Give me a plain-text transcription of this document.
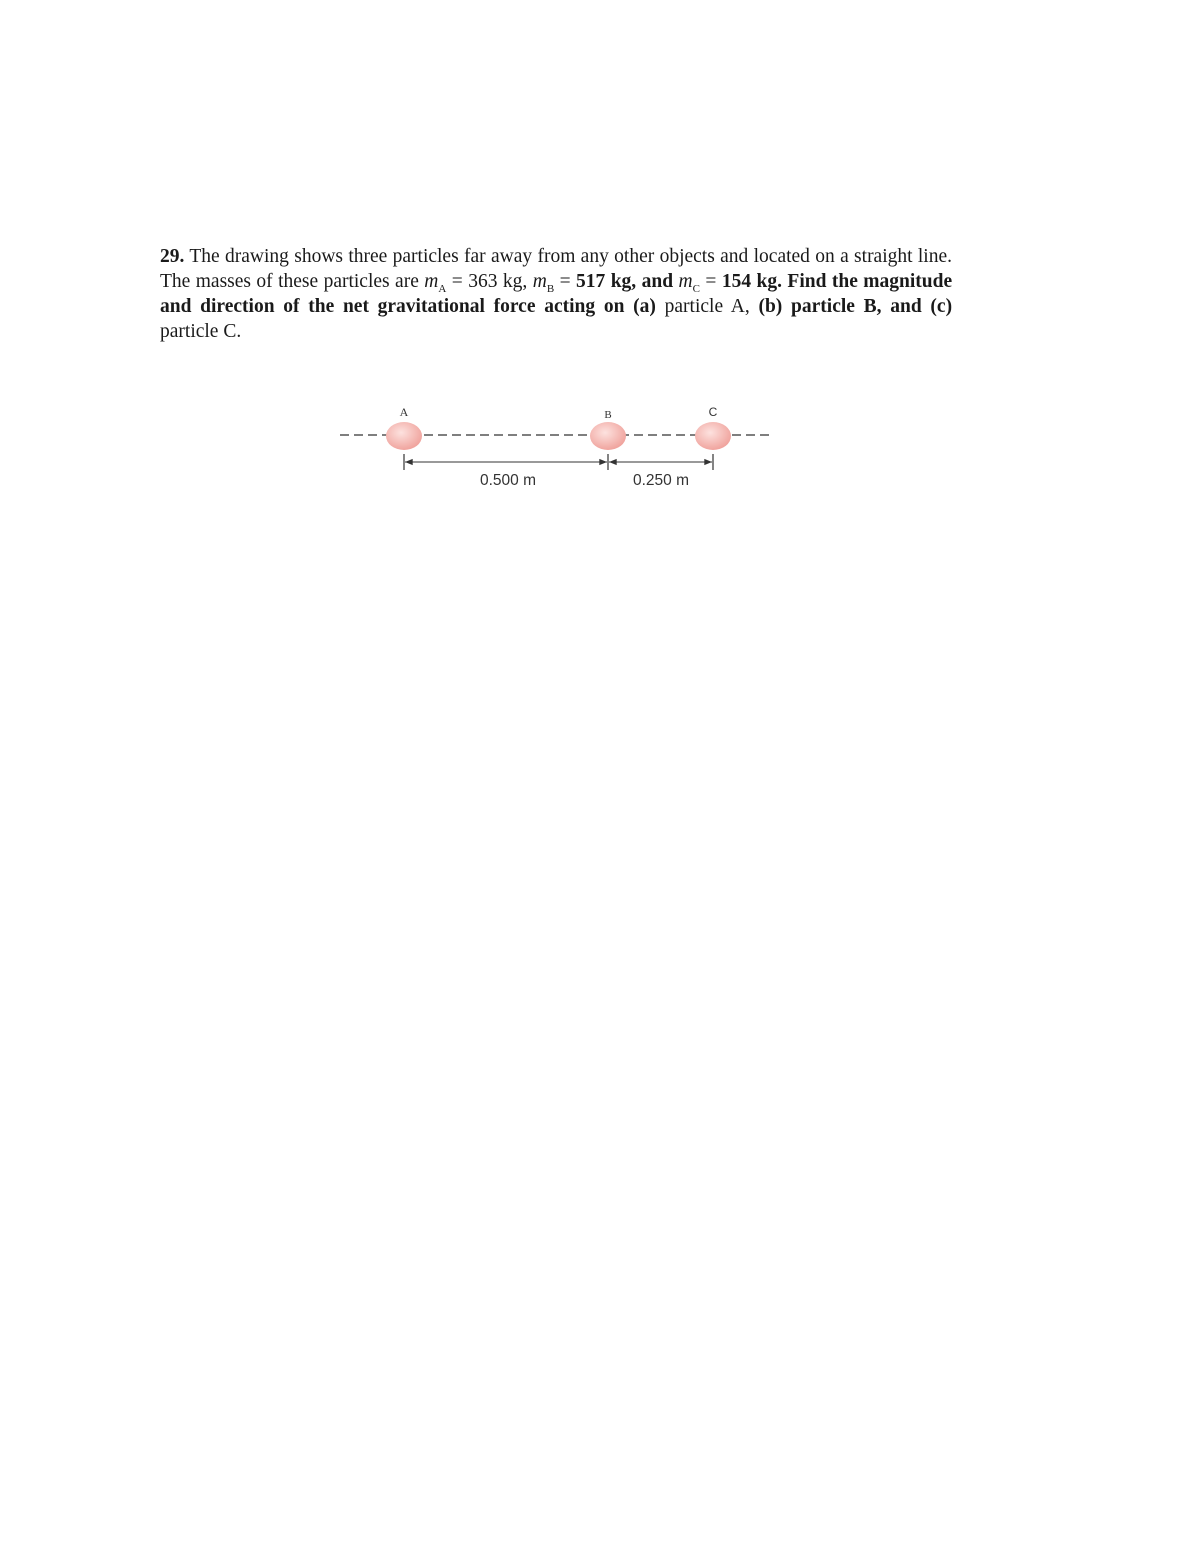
29. The drawing shows three particles far away from any other objects and located on a straight line. The masses of these particles are $m_A = 363$ kg, $m_B = 517$ kg, and $m_C = 154$ kg. Find the magnitude and direction of the net gravitational force acting on (a) particle A, (b) particle B, and (c) particle C.
A	B	C
0.500 m	0.250 m
